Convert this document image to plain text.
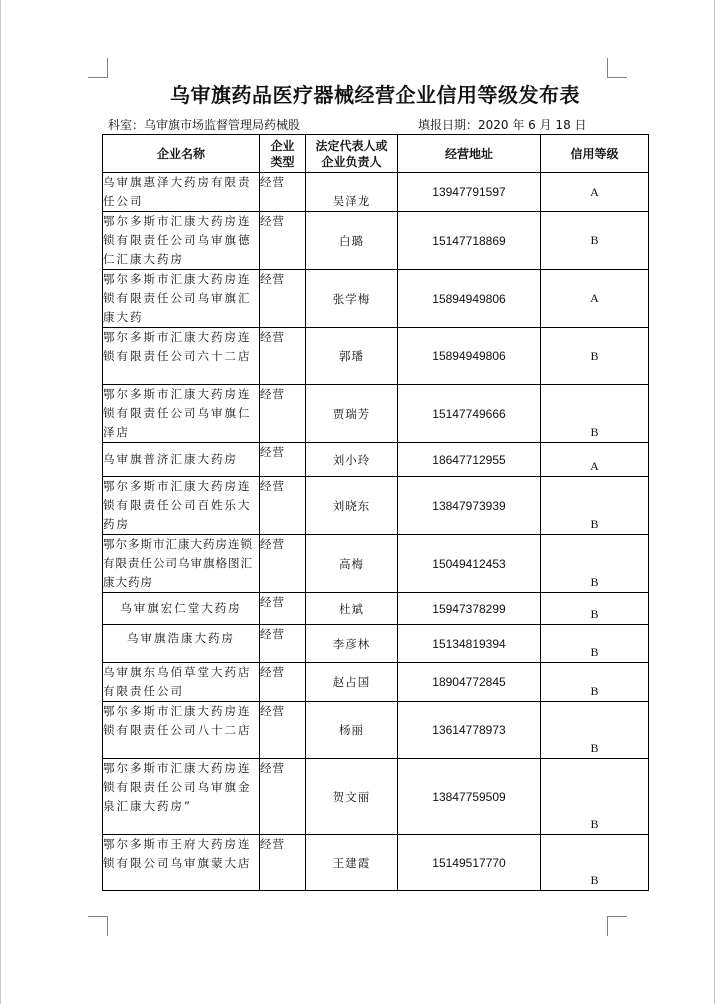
乌审旗药品医疗器械经营企业信用等级发布表
科室：乌审旗市场监督管理局药械股	填报日期：2020 年 6 月 18 日
企业名称	企业类型	法定代表人或企业负责人	经营地址	信用等级
乌审旗惠泽大药房有限责任公司	经营	吴泽龙	13947791597	A
鄂尔多斯市汇康大药房连锁有限责任公司乌审旗德仁汇康大药房	经营	白璐	15147718869	B
鄂尔多斯市汇康大药房连锁有限责任公司乌审旗汇康大药	经营	张学梅	15894949806	A
鄂尔多斯市汇康大药房连锁有限责任公司六十二店	经营	郭璠	15894949806	B
鄂尔多斯市汇康大药房连锁有限责任公司乌审旗仁泽店	经营	贾瑞芳	15147749666	B
乌审旗普济汇康大药房	经营	刘小玲	18647712955	A
鄂尔多斯市汇康大药房连锁有限责任公司百姓乐大药房	经营	刘晓东	13847973939	B
鄂尔多斯市汇康大药房连锁有限责任公司乌审旗格图汇康大药房	经营	高梅	15049412453	B
乌审旗宏仁堂大药房	经营	杜斌	15947378299	B
乌审旗浩康大药房	经营	李彦林	15134819394	B
乌审旗东乌佰草堂大药店有限责任公司	经营	赵占国	18904772845	B
鄂尔多斯市汇康大药房连锁有限责任公司八十二店	经营	杨丽	13614778973	B
鄂尔多斯市汇康大药房连锁有限责任公司乌审旗金泉汇康大药房”	经营	贺文丽	13847759509	B
鄂尔多斯市王府大药房连锁有限公司乌审旗蒙大店	经营	王建霞	15149517770	B
